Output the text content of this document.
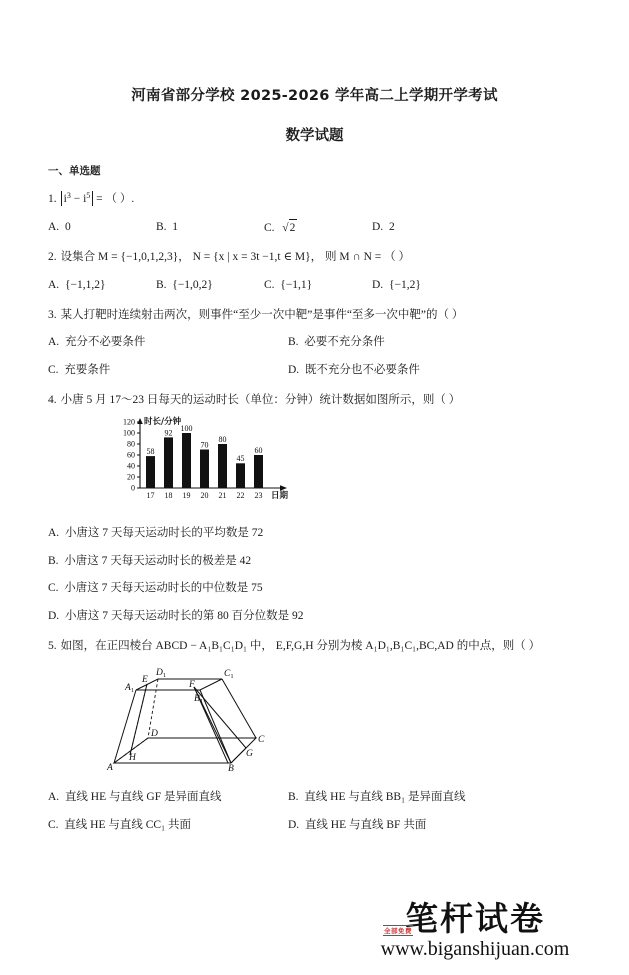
河南省部分学校 2025-2026 学年高二上学期开学考试
数学试题
一、单选题
1. $i^3 - i^5$ = （ ）.
A. 0	B. 1	C. √2	D. 2
2. 设集合 M = {−1,0,1,2,3}， N = {x | x = 3t −1,t ∈ M}， 则 M ∩ N = （ ）
A. {−1,1,2}	B. {−1,0,2}	C. {−1,1}	D. {−1,2}
3. 某人打靶时连续射击两次，则事件“至少一次中靶”是事件“至多一次中靶”的（ ）
A. 充分不必要条件	B. 必要不充分条件
C. 充要条件	D. 既不充分也不必要条件
4. 小唐 5 月 17～23 日每天的运动时长（单位：分钟）统计数据如图所示，则（ ）
0
20
40
60
80
100
120 时长/分钟
58
92 100
70
80
45
60
17 18 19 20 21 22 23 日期
A. 小唐这 7 天每天运动时长的平均数是 72
B. 小唐这 7 天每天运动时长的极差是 42
C. 小唐这 7 天每天运动时长的中位数是 75
D. 小唐这 7 天每天运动时长的第 80 百分位数是 92
5. 如图，在正四棱台 ABCD − A₁B₁C₁D₁ 中， E,F,G,H 分别为棱 A₁D₁,B₁C₁,BC,AD 的中点，则（ ）
$A_1$
$D_1$	$C_1$
$B_1$
E	F
D
C
H	G
A	B
A. 直线 HE 与直线 GF 是异面直线	B. 直线 HE 与直线 BB₁ 是异面直线
C. 直线 HE 与直线 CC₁ 共面	D. 直线 HE 与直线 BF 共面
笔杆试卷
www.biganshijuan.com
全部免费
